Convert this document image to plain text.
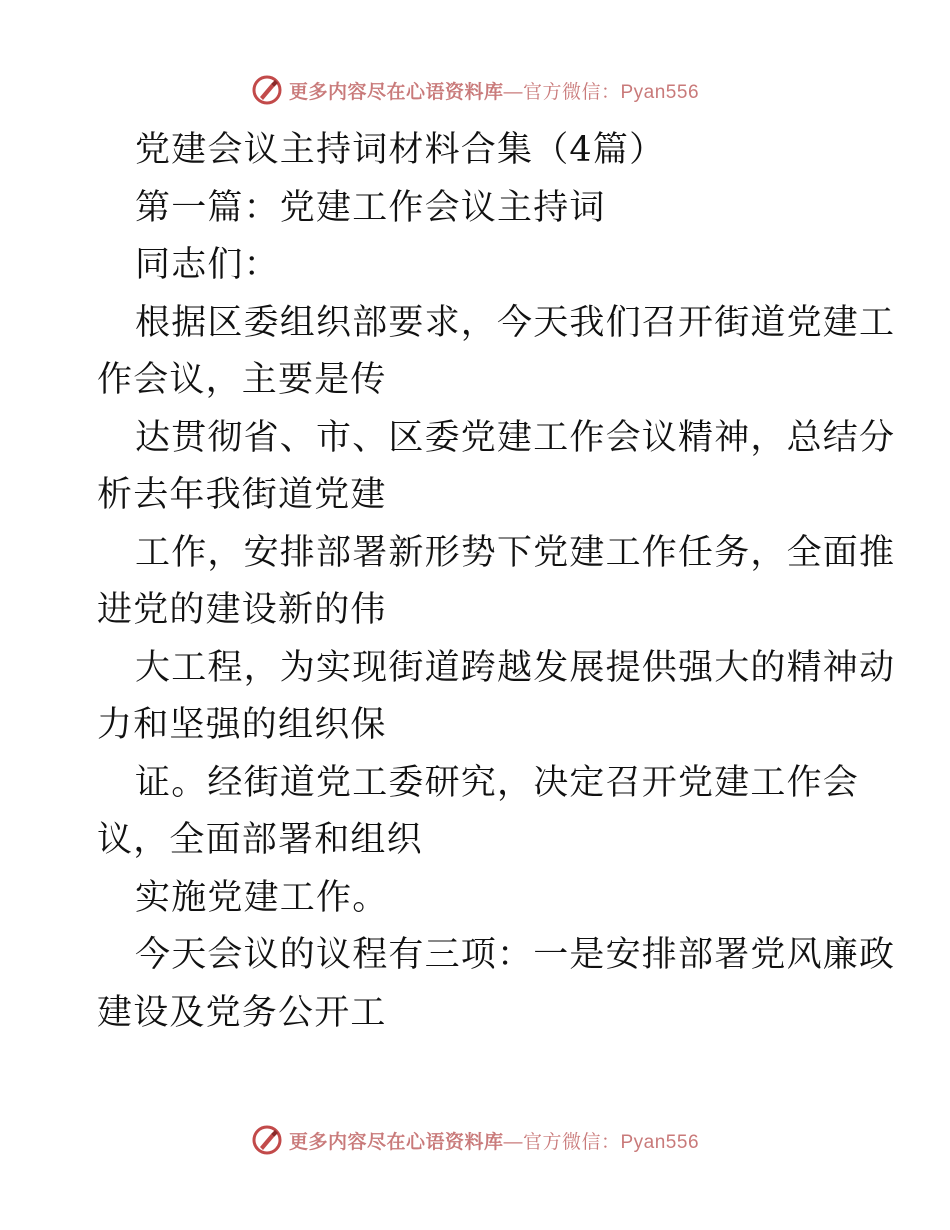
更多内容尽在心语资料库—官方微信：Pyan556
党建会议主持词材料合集（4篇）
第一篇：党建工作会议主持词
同志们：
根据区委组织部要求，今天我们召开街道党建工
作会议，主要是传
达贯彻省、市、区委党建工作会议精神，总结分
析去年我街道党建
工作，安排部署新形势下党建工作任务，全面推
进党的建设新的伟
大工程，为实现街道跨越发展提供强大的精神动
力和坚强的组织保
证。经街道党工委研究，决定召开党建工作会
议，全面部署和组织
实施党建工作。
今天会议的议程有三项：一是安排部署党风廉政
建设及党务公开工
更多内容尽在心语资料库—官方微信：Pyan556
